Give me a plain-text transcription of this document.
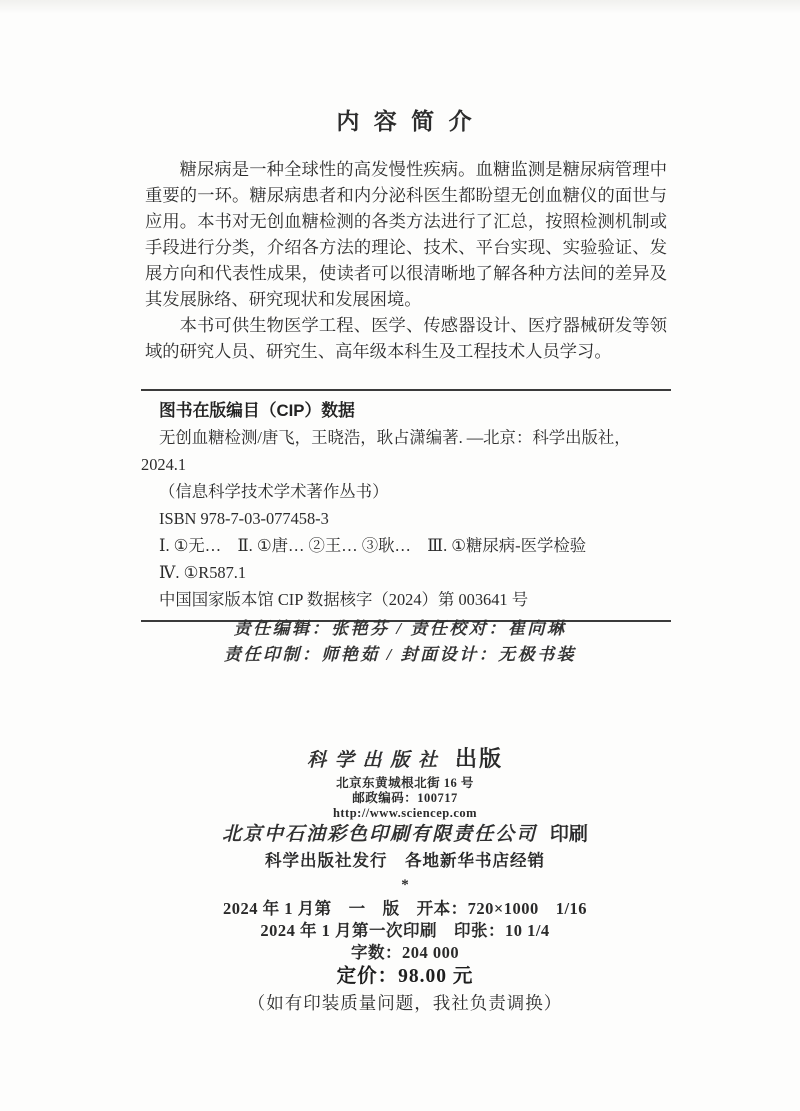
内 容 简 介

糖尿病是一种全球性的高发慢性疾病。血糖监测是糖尿病管理中重要的一环。糖尿病患者和内分泌科医生都盼望无创血糖仪的面世与应用。本书对无创血糖检测的各类方法进行了汇总，按照检测机制或手段进行分类，介绍各方法的理论、技术、平台实现、实验验证、发展方向和代表性成果，使读者可以很清晰地了解各种方法间的差异及其发展脉络、研究现状和发展困境。

本书可供生物医学工程、医学、传感器设计、医疗器械研发等领域的研究人员、研究生、高年级本科生及工程技术人员学习。

图书在版编目（CIP）数据
无创血糖检测/唐飞，王晓浩，耿占潇编著. —北京：科学出版社，
2024.1
（信息科学技术学术著作丛书）
ISBN 978-7-03-077458-3
Ⅰ. ①无…　Ⅱ. ①唐… ②王… ③耿…　Ⅲ. ①糖尿病-医学检验
Ⅳ. ①R587.1
中国国家版本馆 CIP 数据核字（2024）第 003641 号
责任编辑：张艳芬 / 责任校对：崔向琳
责任印制：师艳茹 / 封面设计：无极书装
科 学 出 版 社 出版
北京东黄城根北街 16 号
邮政编码：100717
http://www.sciencep.com
北京中石油彩色印刷有限责任公司 印刷
科学出版社发行　各地新华书店经销
*
2024 年 1 月第　一　版　开本：720×1000　1/16
2024 年 1 月第一次印刷　印张：10 1/4
字数：204 000
定价：98.00 元
（如有印装质量问题，我社负责调换）
